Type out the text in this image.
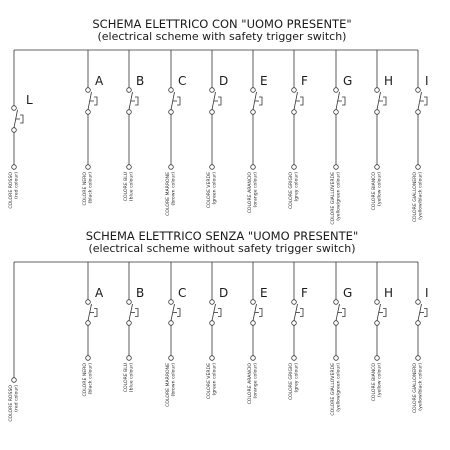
SCHEMA ELETTRICO CON "UOMO PRESENTE"
(electrical scheme with safety trigger switch)
L
COLORE ROSSO(red colour)
A
COLORE NERO(black colour)
B
COLORE BLU(blue colour)
C
COLORE MARRONE(brown colour)
D
COLORE VERDE(green colour)
E
COLORE ARANCIO(orange colour)
F
COLORE GRIGIO(grey colour)
G
COLORE GIALLOVERDE(yellow/green colour)
H
COLORE BIANCO(yellow colour)
I
COLORE GIALLONERO(yellow/black colour)
SCHEMA ELETTRICO SENZA "UOMO PRESENTE"
(electrical scheme without safety trigger switch)
COLORE ROSSO(red colour)
A
COLORE NERO(black colour)
B
COLORE BLU(blue colour)
C
COLORE MARRONE(brown colour)
D
COLORE VERDE(green colour)
E
COLORE ARANCIO(orange colour)
F
COLORE GRIGIO(grey colour)
G
COLORE GIALLOVERDE(yellow/green colour)
H
COLORE BIANCO(yellow colour)
I
COLORE GIALLONERO(yellow/black colour)
